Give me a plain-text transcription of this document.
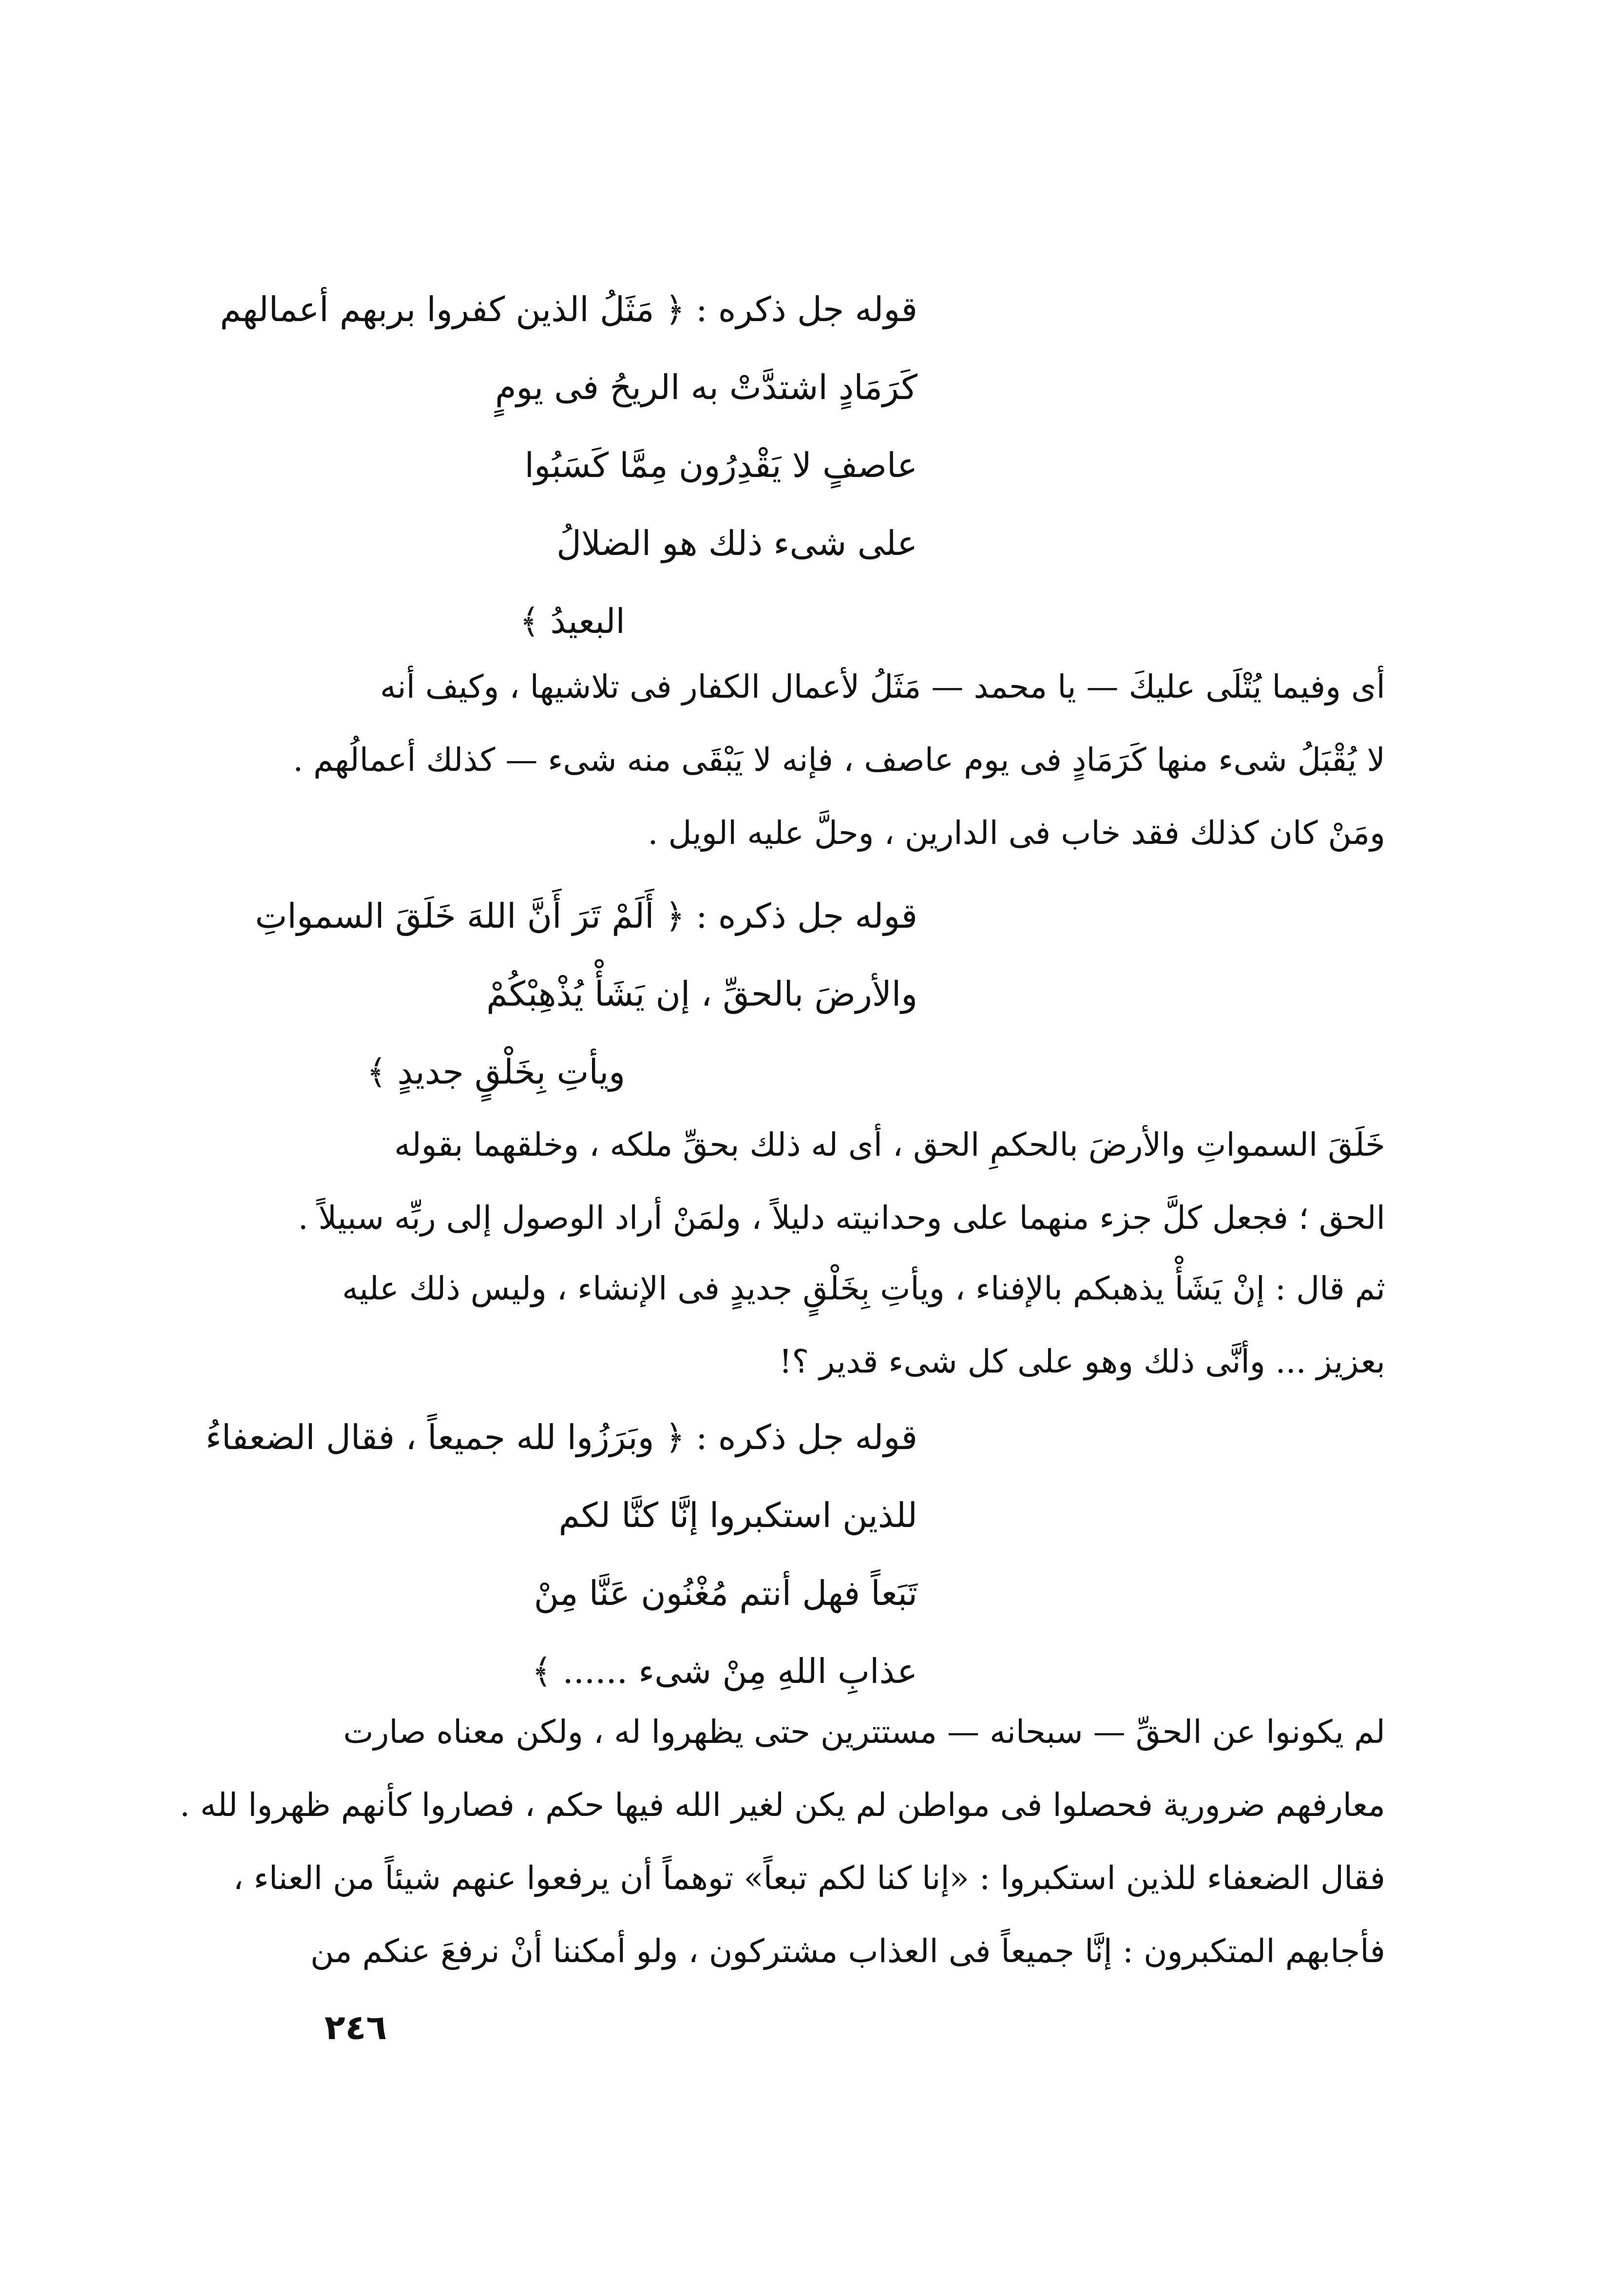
قوله جل ذكره : ﴿ مَثَلُ الذين كفروا بربهم أعمالهم
كَرَمَادٍ اشتدَّتْ به الريحُ فى يومٍ
عاصفٍ لا يَقْدِرُون مِمَّا كَسَبُوا
على شىء ذلك هو الضلالُ
البعيدُ ﴾
أى وفيما يُتْلَى عليكَ — يا محمد — مَثَلُ لأعمال الكفار فى تلاشيها ، وكيف أنه
لا يُقْبَلُ شىء منها كَرَمَادٍ فى يوم عاصف ، فإنه لا يَبْقَى منه شىء — كذلك أعمالُهم .
ومَنْ كان كذلك فقد خاب فى الدارين ، وحلَّ عليه الويل .
قوله جل ذكره : ﴿ أَلَمْ تَرَ أَنَّ اللهَ خَلَقَ السمواتِ
والأرضَ بالحقِّ ، إن يَشَأْ يُذْهِبْكُمْ
ويأتِ بِخَلْقٍ جديدٍ ﴾
خَلَقَ السمواتِ والأرضَ بالحكمِ الحق ، أى له ذلك بحقِّ ملكه ، وخلقهما بقوله
الحق ؛ فجعل كلَّ جزء منهما على وحدانيته دليلاً ، ولمَنْ أراد الوصول إلى ربِّه سبيلاً .
ثم قال : إنْ يَشَأْ يذهبكم بالإفناء ، ويأتِ بِخَلْقٍ جديدٍ فى الإنشاء ، وليس ذلك عليه
بعزيز ... وأنَّى ذلك وهو على كل شىء قدير ؟!
قوله جل ذكره : ﴿ وبَرَزُوا لله جميعاً ، فقال الضعفاءُ
للذين استكبروا إنَّا كنَّا لكم
تَبَعاً فهل أنتم مُغْنُون عَنَّا مِنْ
عذابِ اللهِ مِنْ شىء ...... ﴾
لم يكونوا عن الحقِّ — سبحانه — مستترين حتى يظهروا له ، ولكن معناه صارت
معارفهم ضرورية فحصلوا فى مواطن لم يكن لغير الله فيها حكم ، فصاروا كأنهم ظهروا لله .
فقال الضعفاء للذين استكبروا : «إنا كنا لكم تبعاً» توهماً أن يرفعوا عنهم شيئاً من العناء ،
فأجابهم المتكبرون : إنَّا جميعاً فى العذاب مشتركون ، ولو أمكننا أنْ نرفعَ عنكم من
٢٤٦
